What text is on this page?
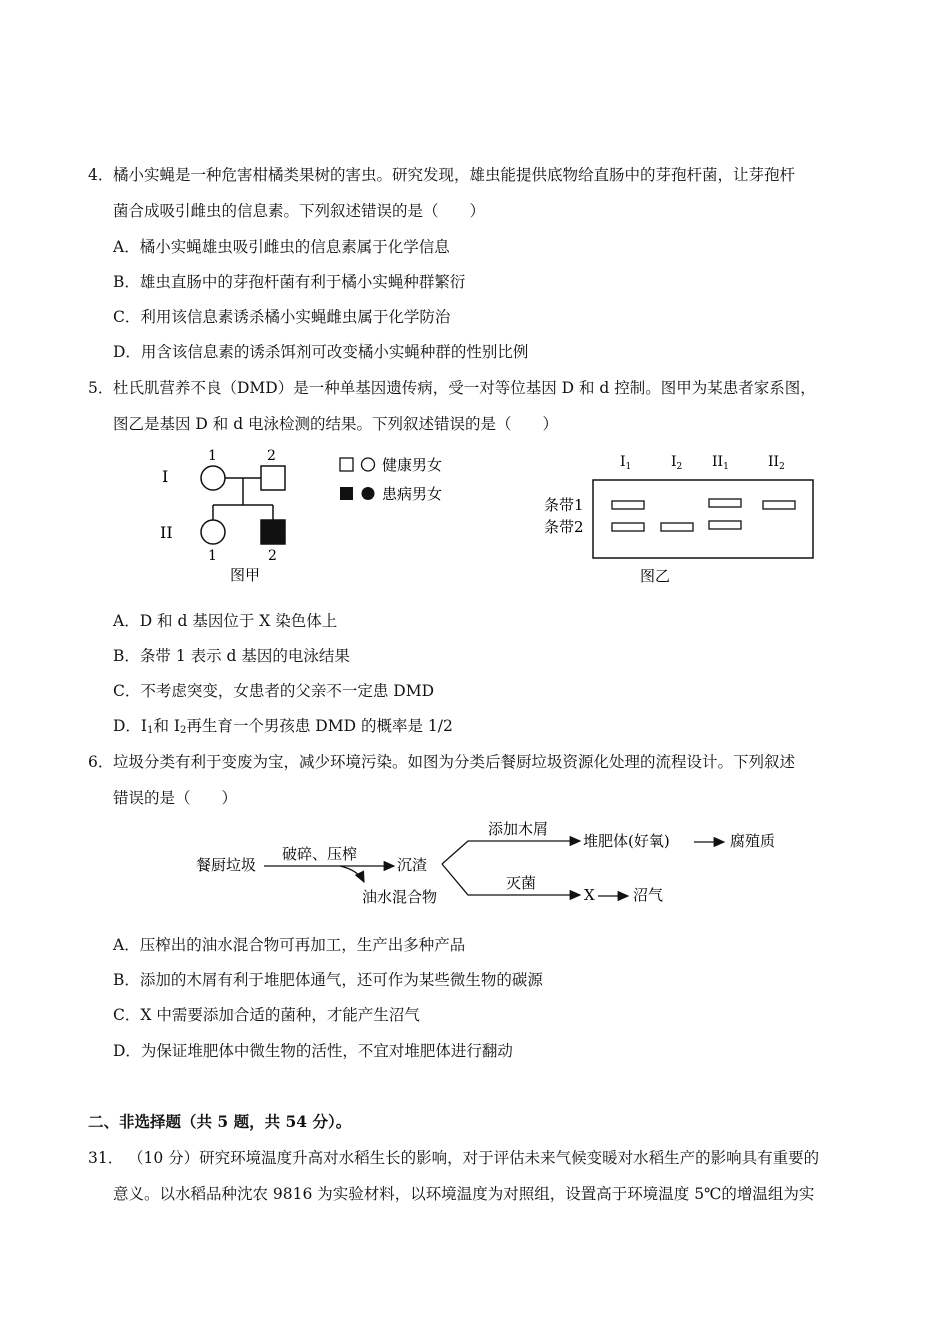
4． 橘小实蝇是一种危害柑橘类果树的害虫。研究发现，雄虫能提供底物给直肠中的芽孢杆菌，让芽孢杆
菌合成吸引雌虫的信息素。下列叙述错误的是（　　）
A．橘小实蝇雄虫吸引雌虫的信息素属于化学信息
B．雄虫直肠中的芽孢杆菌有利于橘小实蝇种群繁衍
C．利用该信息素诱杀橘小实蝇雌虫属于化学防治
D．用含该信息素的诱杀饵剂可改变橘小实蝇种群的性别比例
5． 杜氏肌营养不良（DMD）是一种单基因遗传病，受一对等位基因 D 和 d 控制。图甲为某患者家系图，
图乙是基因 D 和 d 电泳检测的结果。下列叙述错误的是（　　）
I
II
1	2
1	2
图甲
健康男女
患病男女
$I_1$	$I_2$ $II_1$	$II_2$
条带1
条带2
图乙
A．D 和 d 基因位于 X 染色体上
B．条带 1 表示 d 基因的电泳结果
C．不考虑突变，女患者的父亲不一定患 DMD
D．$I_1$和 $I_2$再生育一个男孩患 DMD 的概率是 1/2
6． 垃圾分类有利于变废为宝，减少环境污染。如图为分类后餐厨垃圾资源化处理的流程设计。下列叙述
错误的是（　　）
餐厨垃圾
破碎、压榨
沉渣
油水混合物
添加木屑
堆肥体(好氧)	腐殖质
灭菌
X	沼气
A．压榨出的油水混合物可再加工，生产出多种产品
B．添加的木屑有利于堆肥体通气，还可作为某些微生物的碳源
C．X 中需要添加合适的菌种，才能产生沼气
D．为保证堆肥体中微生物的活性，不宜对堆肥体进行翻动
二、非选择题（共 5 题，共 54 分）。
31． （10 分）研究环境温度升高对水稻生长的影响，对于评估未来气候变暖对水稻生产的影响具有重要的
意义。以水稻品种沈农 9816 为实验材料，以环境温度为对照组，设置高于环境温度 5℃的增温组为实
